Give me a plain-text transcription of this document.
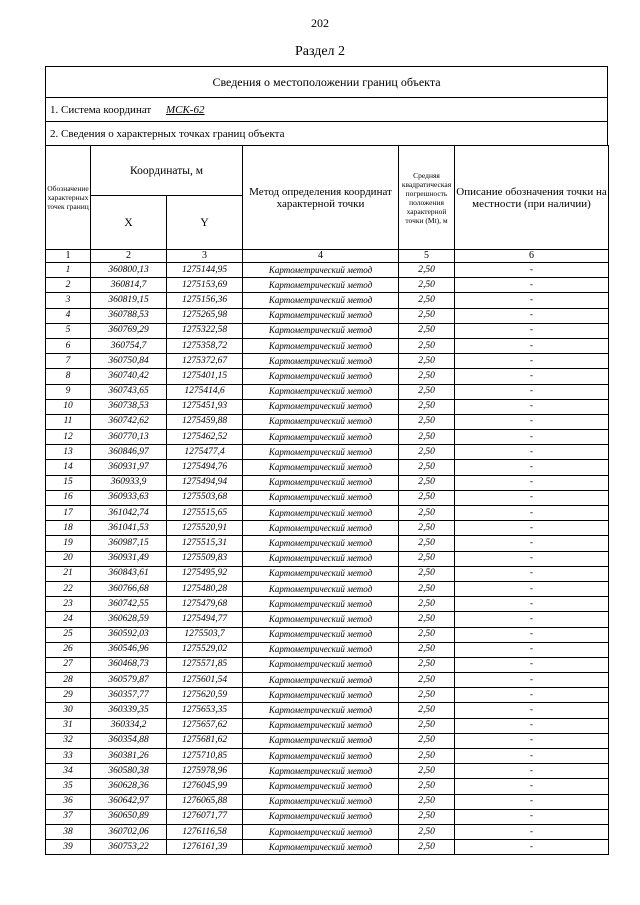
202
Раздел 2
Сведения о местоположении границ объекта
1. Система координат МСК-62
2. Сведения о характерных точках границ объекта
Обозначение характерных точек границ	Координаты, м		Метод определения координат характерной точки	Средняя квадратическая погрешность положения характерной точки (Mt), м	Описание обозначения точки на местности (при наличии)
	X	Y			
1	2	3	4	5	6
1	360800,13	1275144,95	Картометрический метод	2,50	-
2	360814,7	1275153,69	Картометрический метод	2,50	-
3	360819,15	1275156,36	Картометрический метод	2,50	-
4	360788,53	1275265,98	Картометрический метод	2,50	-
5	360769,29	1275322,58	Картометрический метод	2,50	-
6	360754,7	1275358,72	Картометрический метод	2,50	-
7	360750,84	1275372,67	Картометрический метод	2,50	-
8	360740,42	1275401,15	Картометрический метод	2,50	-
9	360743,65	1275414,6	Картометрический метод	2,50	-
10	360738,53	1275451,93	Картометрический метод	2,50	-
11	360742,62	1275459,88	Картометрический метод	2,50	-
12	360770,13	1275462,52	Картометрический метод	2,50	-
13	360846,97	1275477,4	Картометрический метод	2,50	-
14	360931,97	1275494,76	Картометрический метод	2,50	-
15	360933,9	1275494,94	Картометрический метод	2,50	-
16	360933,63	1275503,68	Картометрический метод	2,50	-
17	361042,74	1275515,65	Картометрический метод	2,50	-
18	361041,53	1275520,91	Картометрический метод	2,50	-
19	360987,15	1275515,31	Картометрический метод	2,50	-
20	360931,49	1275509,83	Картометрический метод	2,50	-
21	360843,61	1275495,92	Картометрический метод	2,50	-
22	360766,68	1275480,28	Картометрический метод	2,50	-
23	360742,55	1275479,68	Картометрический метод	2,50	-
24	360628,59	1275494,77	Картометрический метод	2,50	-
25	360592,03	1275503,7	Картометрический метод	2,50	-
26	360546,96	1275529,02	Картометрический метод	2,50	-
27	360468,73	1275571,85	Картометрический метод	2,50	-
28	360579,87	1275601,54	Картометрический метод	2,50	-
29	360357,77	1275620,59	Картометрический метод	2,50	-
30	360339,35	1275653,35	Картометрический метод	2,50	-
31	360334,2	1275657,62	Картометрический метод	2,50	-
32	360354,88	1275681,62	Картометрический метод	2,50	-
33	360381,26	1275710,85	Картометрический метод	2,50	-
34	360580,38	1275978,96	Картометрический метод	2,50	-
35	360628,36	1276045,99	Картометрический метод	2,50	-
36	360642,97	1276065,88	Картометрический метод	2,50	-
37	360650,89	1276071,77	Картометрический метод	2,50	-
38	360702,06	1276116,58	Картометрический метод	2,50	-
39	360753,22	1276161,39	Картометрический метод	2,50	-
